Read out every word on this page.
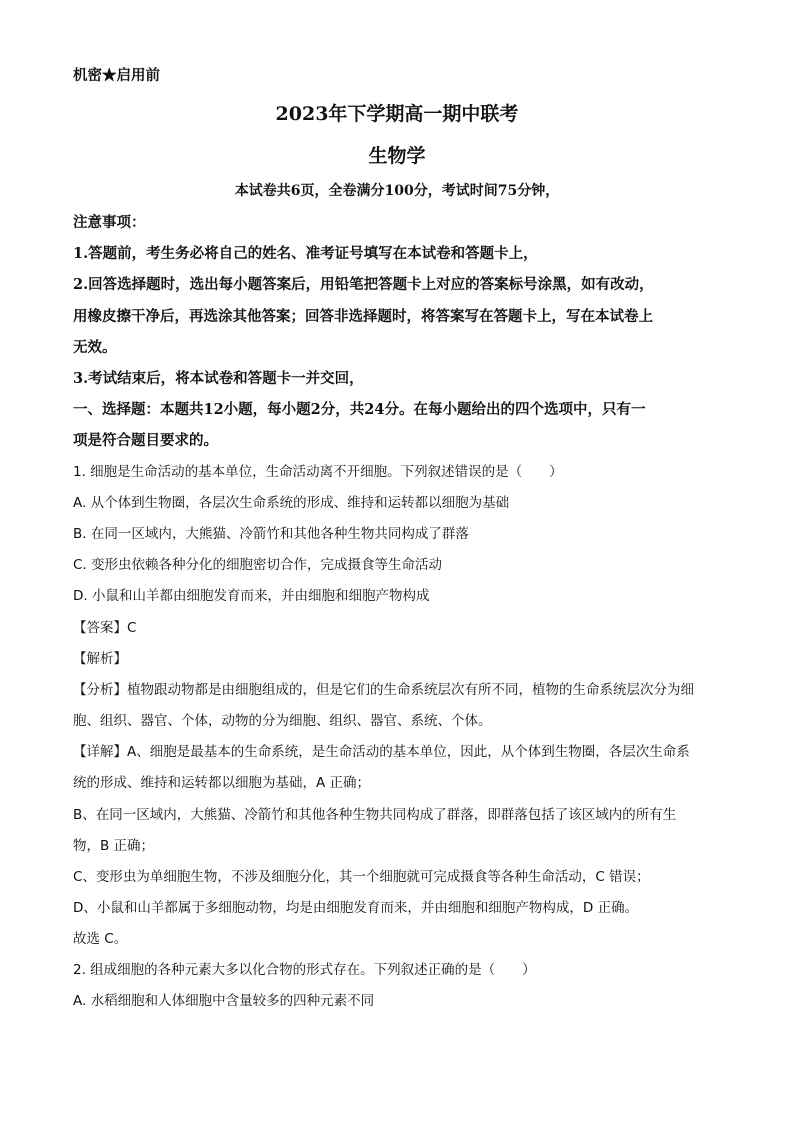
机密★启用前
2023年下学期高一期中联考
生物学
本试卷共6页，全卷满分100分，考试时间75分钟，
注意事项：
1.答题前，考生务必将自己的姓名、准考证号填写在本试卷和答题卡上，
2.回答选择题时，选出每小题答案后，用铅笔把答题卡上对应的答案标号涂黑，如有改动，
用橡皮擦干净后，再选涂其他答案；回答非选择题时，将答案写在答题卡上，写在本试卷上
无效。
3.考试结束后，将本试卷和答题卡一并交回，
一、选择题：本题共12小题，每小题2分，共24分。在每小题给出的四个选项中，只有一
项是符合题目要求的。
1. 细胞是生命活动的基本单位，生命活动离不开细胞。下列叙述错误的是（　　）
A. 从个体到生物圈，各层次生命系统的形成、维持和运转都以细胞为基础
B. 在同一区域内，大熊猫、冷箭竹和其他各种生物共同构成了群落
C. 变形虫依赖各种分化的细胞密切合作，完成摄食等生命活动
D. 小鼠和山羊都由细胞发育而来，并由细胞和细胞产物构成
【答案】C
【解析】
【分析】植物跟动物都是由细胞组成的，但是它们的生命系统层次有所不同，植物的生命系统层次分为细
胞、组织、器官、个体，动物的分为细胞、组织、器官、系统、个体。
【详解】A、细胞是最基本的生命系统，是生命活动的基本单位，因此，从个体到生物圈，各层次生命系
统的形成、维持和运转都以细胞为基础，A 正确；
B、在同一区域内，大熊猫、冷箭竹和其他各种生物共同构成了群落，即群落包括了该区域内的所有生
物，B 正确；
C、变形虫为单细胞生物，不涉及细胞分化，其一个细胞就可完成摄食等各种生命活动，C 错误；
D、小鼠和山羊都属于多细胞动物，均是由细胞发育而来，并由细胞和细胞产物构成，D 正确。
故选 C。
2. 组成细胞的各种元素大多以化合物的形式存在。下列叙述正确的是（　　）
A. 水稻细胞和人体细胞中含量较多的四种元素不同
